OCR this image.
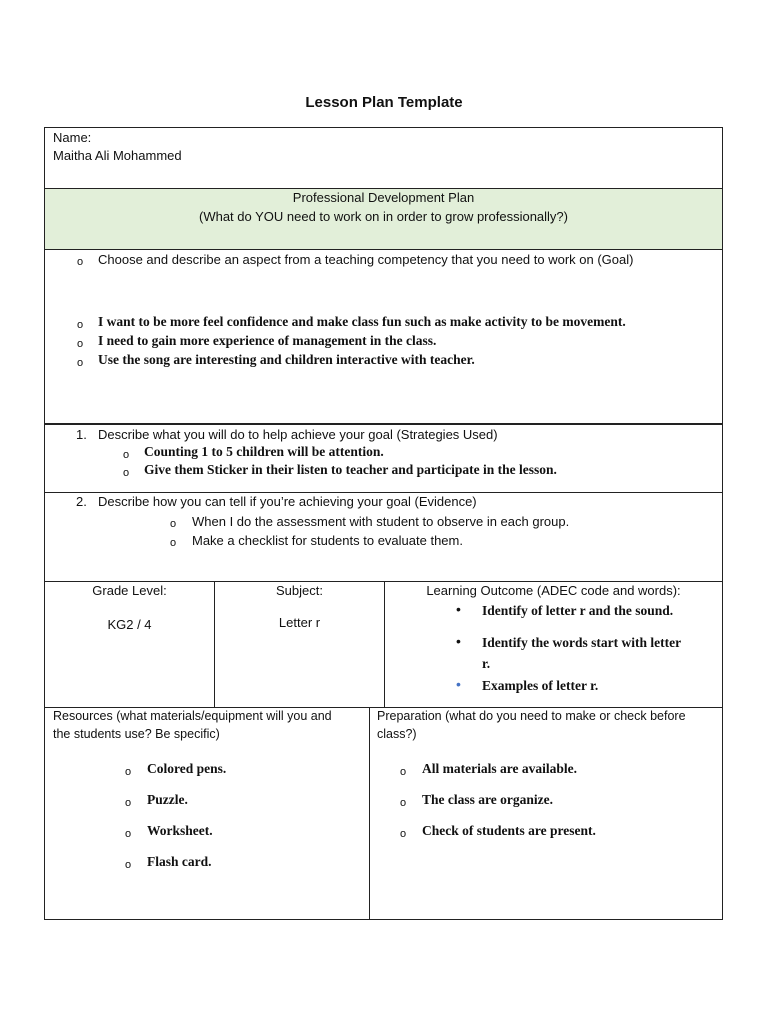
Lesson Plan Template
Name:
Maitha Ali Mohammed
Professional Development Plan
(What do YOU need to work on in order to grow professionally?)
o Choose and describe an aspect from a teaching competency that you need to work on (Goal)
o I want to be more feel confidence and make class fun such as make activity to be movement.
o I need to gain more experience of management in the class.
o Use the song are interesting and children interactive with teacher.
1. Describe what you will do to help achieve your goal (Strategies Used)
o Counting 1 to 5 children will be attention.
o Give them Sticker in their listen to teacher and participate in the lesson.
2. Describe how you can tell if you’re achieving your goal (Evidence)
o When I do the assessment with student to observe in each group.
o Make a checklist for students to evaluate them.
Grade Level:
KG2 / 4
Subject:
Letter r
Learning Outcome (ADEC code and words):
• Identify of letter r and the sound.
• Identify the words start with letter
r.
• Examples of letter r.
Resources (what materials/equipment will you and
the students use? Be specific)
o Colored pens.
o Puzzle.
o Worksheet.
o Flash card.
Preparation (what do you need to make or check before
class?)
o All materials are available.
o The class are organize.
o Check of students are present.
